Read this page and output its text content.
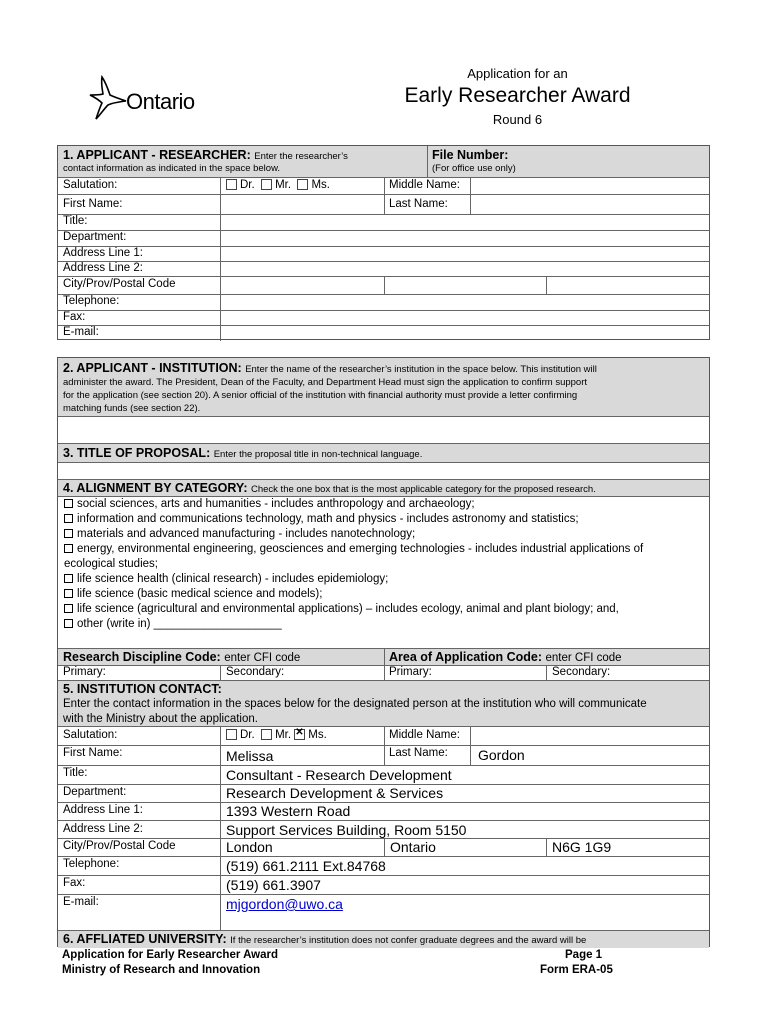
Ontario
Application for an
Early Researcher Award
Round 6
1. APPLICANT - RESEARCHER: Enter the researcher’s
contact information as indicated in the space below.
File Number:
(For office use only)
Salutation:	Dr. Mr. Ms.	Middle Name:
First Name:	Last Name:
Title:
Department:
Address Line 1:
Address Line 2:
City/Prov/Postal Code
Telephone:
Fax:
E-mail:
2. APPLICANT - INSTITUTION: Enter the name of the researcher’s institution in the space below. This institution will
administer the award. The President, Dean of the Faculty, and Department Head must sign the application to confirm support
for the application (see section 20). A senior official of the institution with financial authority must provide a letter confirming
matching funds (see section 22).
3. TITLE OF PROPOSAL: Enter the proposal title in non-technical language.
4. ALIGNMENT BY CATEGORY: Check the one box that is the most applicable category for the proposed research.
social sciences, arts and humanities - includes anthropology and archaeology;
information and communications technology, math and physics - includes astronomy and statistics;
materials and advanced manufacturing - includes nanotechnology;
energy, environmental engineering, geosciences and emerging technologies - includes industrial applications of
ecological studies;
life science health (clinical research) - includes epidemiology;
life science (basic medical science and models);
life science (agricultural and environmental applications) – includes ecology, animal and plant biology; and,
other (write in) ____________________
Research Discipline Code: enter CFI code	Area of Application Code: enter CFI code
Primary:	Secondary:	Primary:	Secondary:
5. INSTITUTION CONTACT:
Enter the contact information in the spaces below for the designated person at the institution who will communicate
with the Ministry about the application.
Salutation:	Dr. Mr. ✕ Ms.	Middle Name:
First Name:	Melissa	Last Name: Gordon
Title:	Consultant - Research Development
Department:	Research Development & Services
Address Line 1:	1393 Western Road
Address Line 2:	Support Services Building, Room 5150
City/Prov/Postal Code	London	Ontario	N6G 1G9
Telephone:	(519) 661.2111 Ext.84768
Fax:	(519) 661.3907
E-mail:	mjgordon@uwo.ca
6. AFFLIATED UNIVERSITY: If the researcher’s institution does not confer graduate degrees and the award will be
Application for Early Researcher Award
Ministry of Research and Innovation
Page 1
Form ERA-05
